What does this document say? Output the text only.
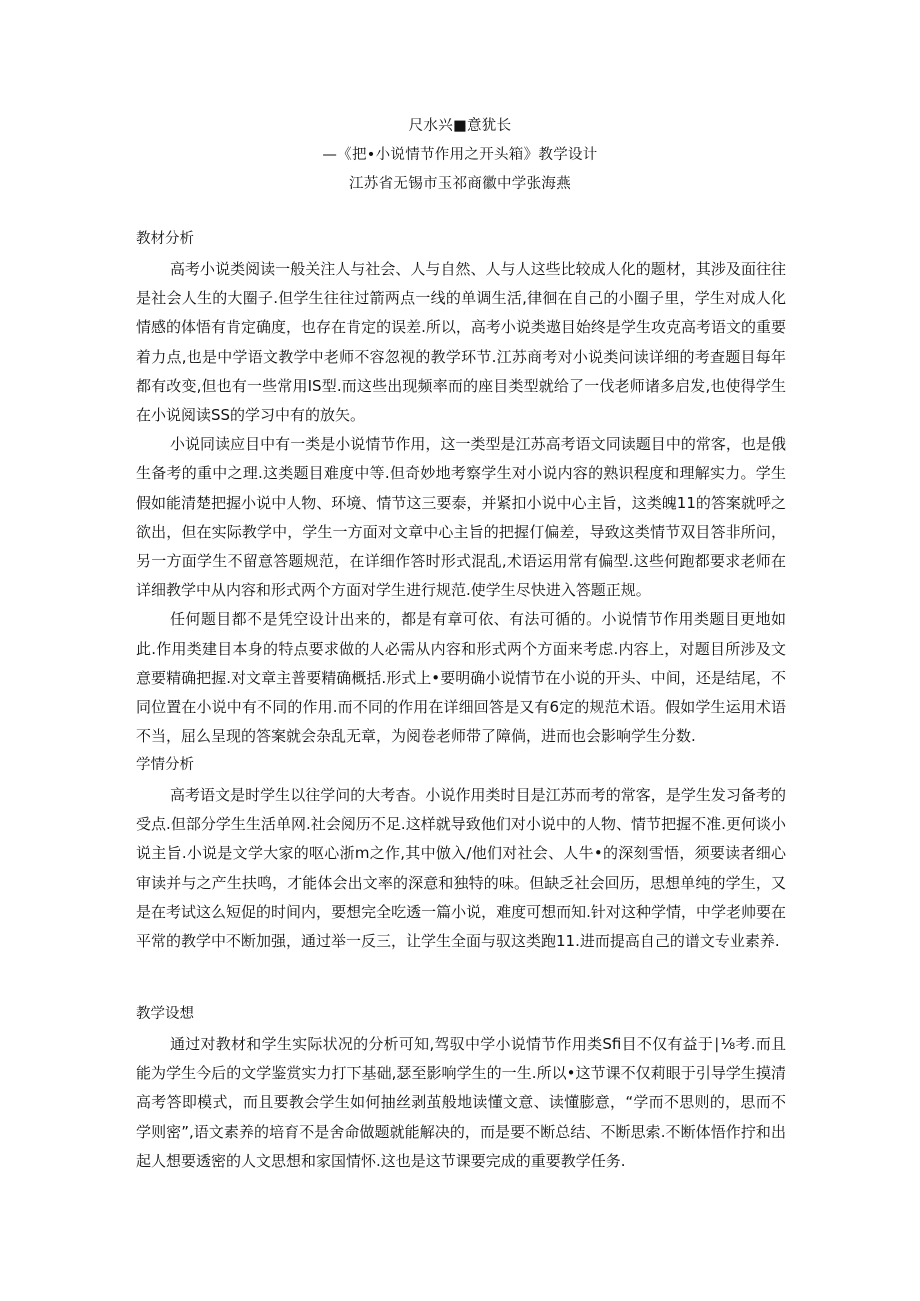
尺水兴■意犹长
—《把•小说情节作用之开头箱》教学设计
江苏省无锡市玉祁商徽中学张海燕
教材分析

高考小说类阅读一般关注人与社会、人与自然、人与人这些比较成人化的题材，其涉及面往往是社会人生的大圈子.但学生往往过箭两点一线的单调生活,律徊在自己的小圈子里，学生对成人化情感的体悟有肯定确度，也存在肯定的误差.所以，高考小说类遨目始终是学生攻克高考语文的重要着力点,也是中学语文教学中老师不容忽视的教学环节.江苏商考对小说类问读详细的考查题目每年都有改变,但也有一些常用IS型.而这些出现频率而的座目类型就给了一伐老师诸多启发,也使得学生在小说阅读SS的学习中有的放矢。

小说同读应目中有一类是小说情节作用，这一类型是江苏高考语文同读题目中的常客，也是俄生备考的重中之理.这类题目难度中等.但奇妙地考察学生对小说内容的熟识程度和理解实力。学生假如能清楚把握小说中人物、环境、情节这三要泰，并紧扣小说中心主旨，这类魄11的答案就呼之欲出，但在实际教学中，学生一方面对文章中心主旨的把握仃偏差，导致这类情节双目答非所问，另一方面学生不留意答题规范，在详细作答时形式混乱,术语运用常有偏型.这些何跑都要求老师在详细教学中从内容和形式两个方面对学生进行规范.使学生尽快进入答题正规。

任何题目都不是凭空设计出来的，都是有章可依、有法可循的。小说情节作用类题目更地如此.作用类建目本身的特点要求做的人必需从内容和形式两个方面来考虑.内容上，对题目所涉及文意要精确把握.对文章主普要精确概括.形式上•要明确小说情节在小说的开头、中间，还是结尾，不同位置在小说中有不同的作用.而不同的作用在详细回答是又有6定的规范术语。假如学生运用术语不当，屈么呈现的答案就会杂乱无章，为阅卷老师带了障倘，进而也会影响学生分数.

学情分析

高考语文是时学生以往学问的大考杳。小说作用类时目是江苏而考的常客，是学生发习备考的受点.但部分学生生活单网.社会阅历不足.这样就导致他们对小说中的人物、情节把握不准.更何谈小说主旨.小说是文学大家的呕心浙m之作,其中倣入/他们对社会、人牛•的深刻雪悟，须要读者细心审读并与之产生扶鸣，才能体会出文率的深意和独特的味。但缺乏社会回历，思想单纯的学生，又是在考试这么短促的时间内，要想完全吃透一篇小说，难度可想而知.针对这种学情，中学老帅要在平常的教学中不断加强，通过举一反三，让学生全面与驭这类跑11.进而提高自己的谱文专业素养.

教学设想

通过对教材和学生实际状况的分析可知,驾驭中学小说情节作用类Sfi目不仅有益于∣⅛考.而且能为学生今后的文学鉴赏实力打下基础,瑟至影响学生的一生.所以•这节课不仅莉眼于引导学生摸清高考答即模式，而且要教会学生如何抽丝剥茧般地读懂文意、读懂膨意，“学而不思则的，思而不学则密”,语文素养的培育不是舍命做题就能解决的，而是要不断总结、不断思索.不断体悟作拧和出起人想要透密的人文思想和家国情怀.这也是这节课要完成的重要教学任务.
